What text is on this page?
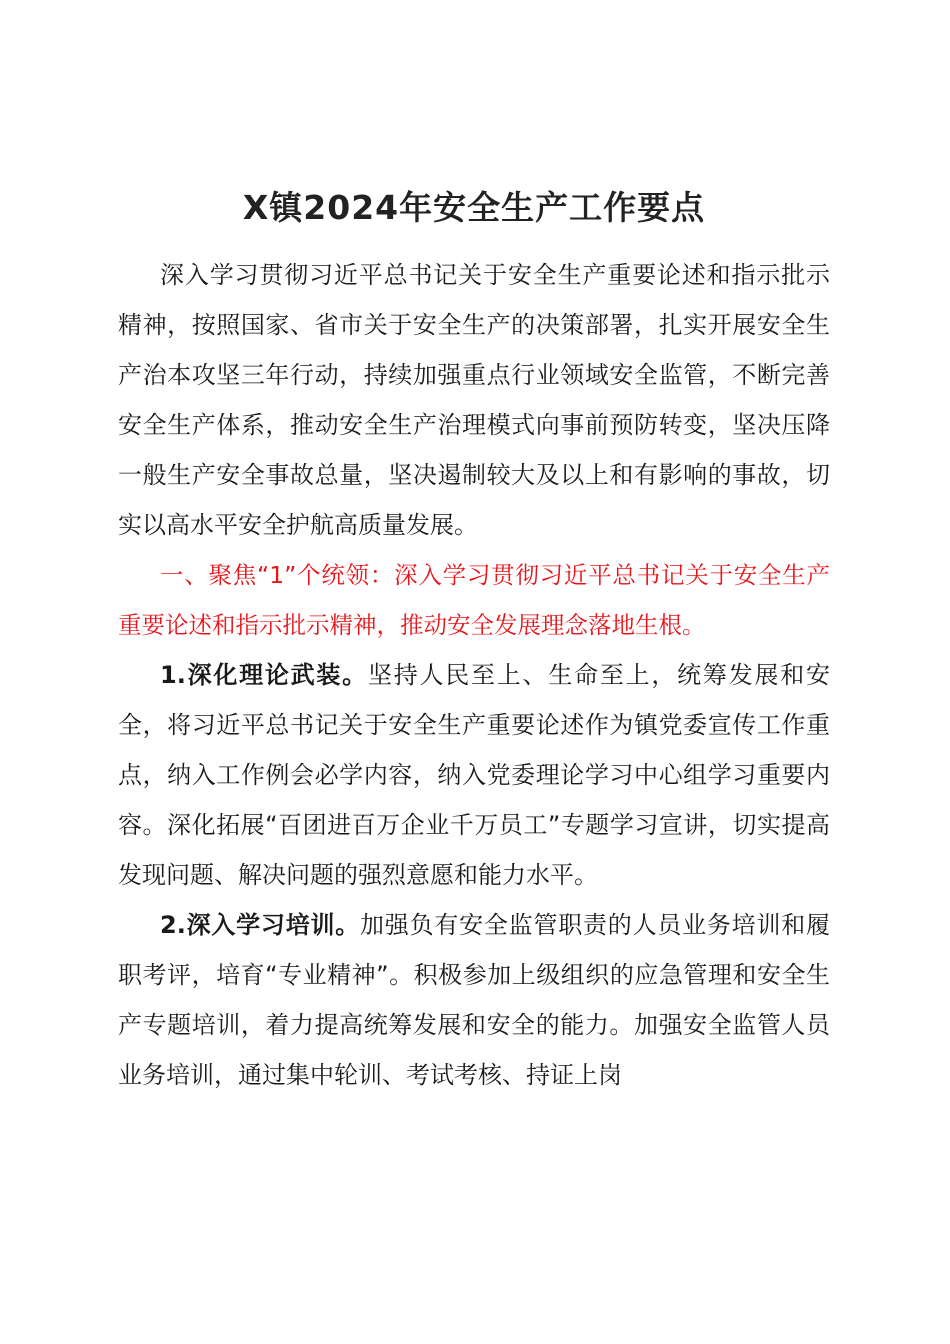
X镇2024年安全生产工作要点

深入学习贯彻习近平总书记关于安全生产重要论述和指示批示精神，按照国家、省市关于安全生产的决策部署，扎实开展安全生产治本攻坚三年行动，持续加强重点行业领域安全监管，不断完善安全生产体系，推动安全生产治理模式向事前预防转变，坚决压降一般生产安全事故总量，坚决遏制较大及以上和有影响的事故，切实以高水平安全护航高质量发展。

一、聚焦“1”个统领：深入学习贯彻习近平总书记关于安全生产重要论述和指示批示精神，推动安全发展理念落地生根。

1.深化理论武装。坚持人民至上、生命至上，统筹发展和安全，将习近平总书记关于安全生产重要论述作为镇党委宣传工作重点，纳入工作例会必学内容，纳入党委理论学习中心组学习重要内容。深化拓展“百团进百万企业千万员工”专题学习宣讲，切实提高发现问题、解决问题的强烈意愿和能力水平。

2.深入学习培训。加强负有安全监管职责的人员业务培训和履职考评，培育“专业精神”。积极参加上级组织的应急管理和安全生产专题培训，着力提高统筹发展和安全的能力。加强安全监管人员业务培训，通过集中轮训、考试考核、持证上岗
